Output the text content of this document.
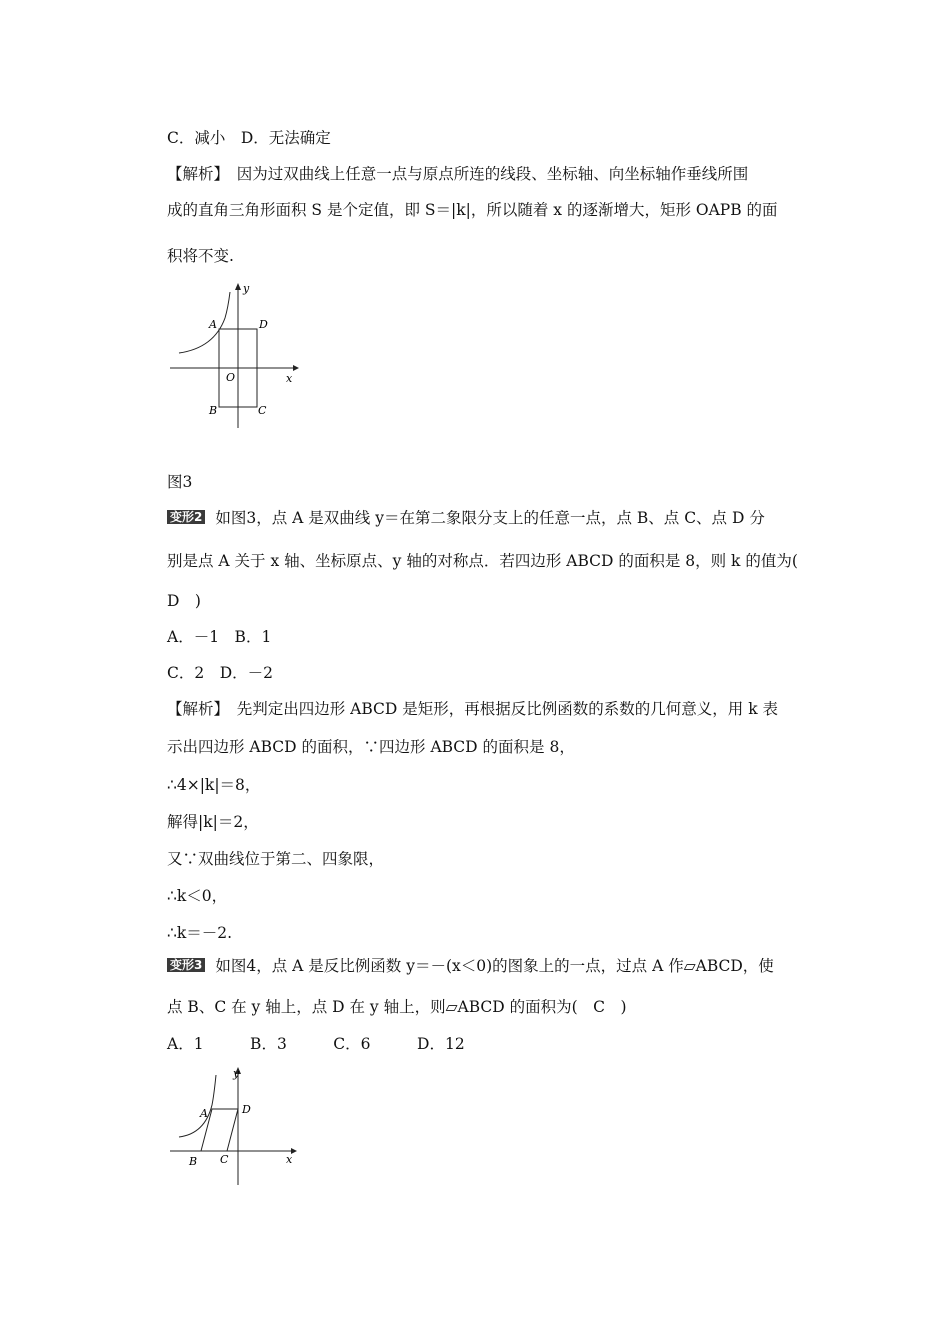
C．减小　D．无法确定
【解析】　因为过双曲线上任意一点与原点所连的线段、坐标轴、向坐标轴作垂线所围
成的直角三角形面积 S 是个定值，即 S＝|k|，所以随着 x 的逐渐增大，矩形 OAPB 的面
积将不变.
y
x
A	D
O
B	C
图3
变形2 如图3，点 A 是双曲线 y＝在第二象限分支上的任意一点，点 B、点 C、点 D 分
别是点 A 关于 x 轴、坐标原点、y 轴的对称点．若四边形 ABCD 的面积是 8，则 k 的值为(
D　)
A．－1　B．1
C．2　D．－2
【解析】　先判定出四边形 ABCD 是矩形，再根据反比例函数的系数的几何意义，用 k 表
示出四边形 ABCD 的面积，∵四边形 ABCD 的面积是 8，
∴4×|k|＝8，
解得|k|＝2，
又∵双曲线位于第二、四象限，
∴k＜0，
∴k＝－2.
变形3 如图4，点 A 是反比例函数 y＝－(x＜0)的图象上的一点，过点 A 作▱ABCD，使
点 B、C 在 y 轴上，点 D 在 y 轴上，则▱ABCD 的面积为(　C　)
A．1　　　B．3　　　C．6　　　D．12
y
x
A	D
B C
